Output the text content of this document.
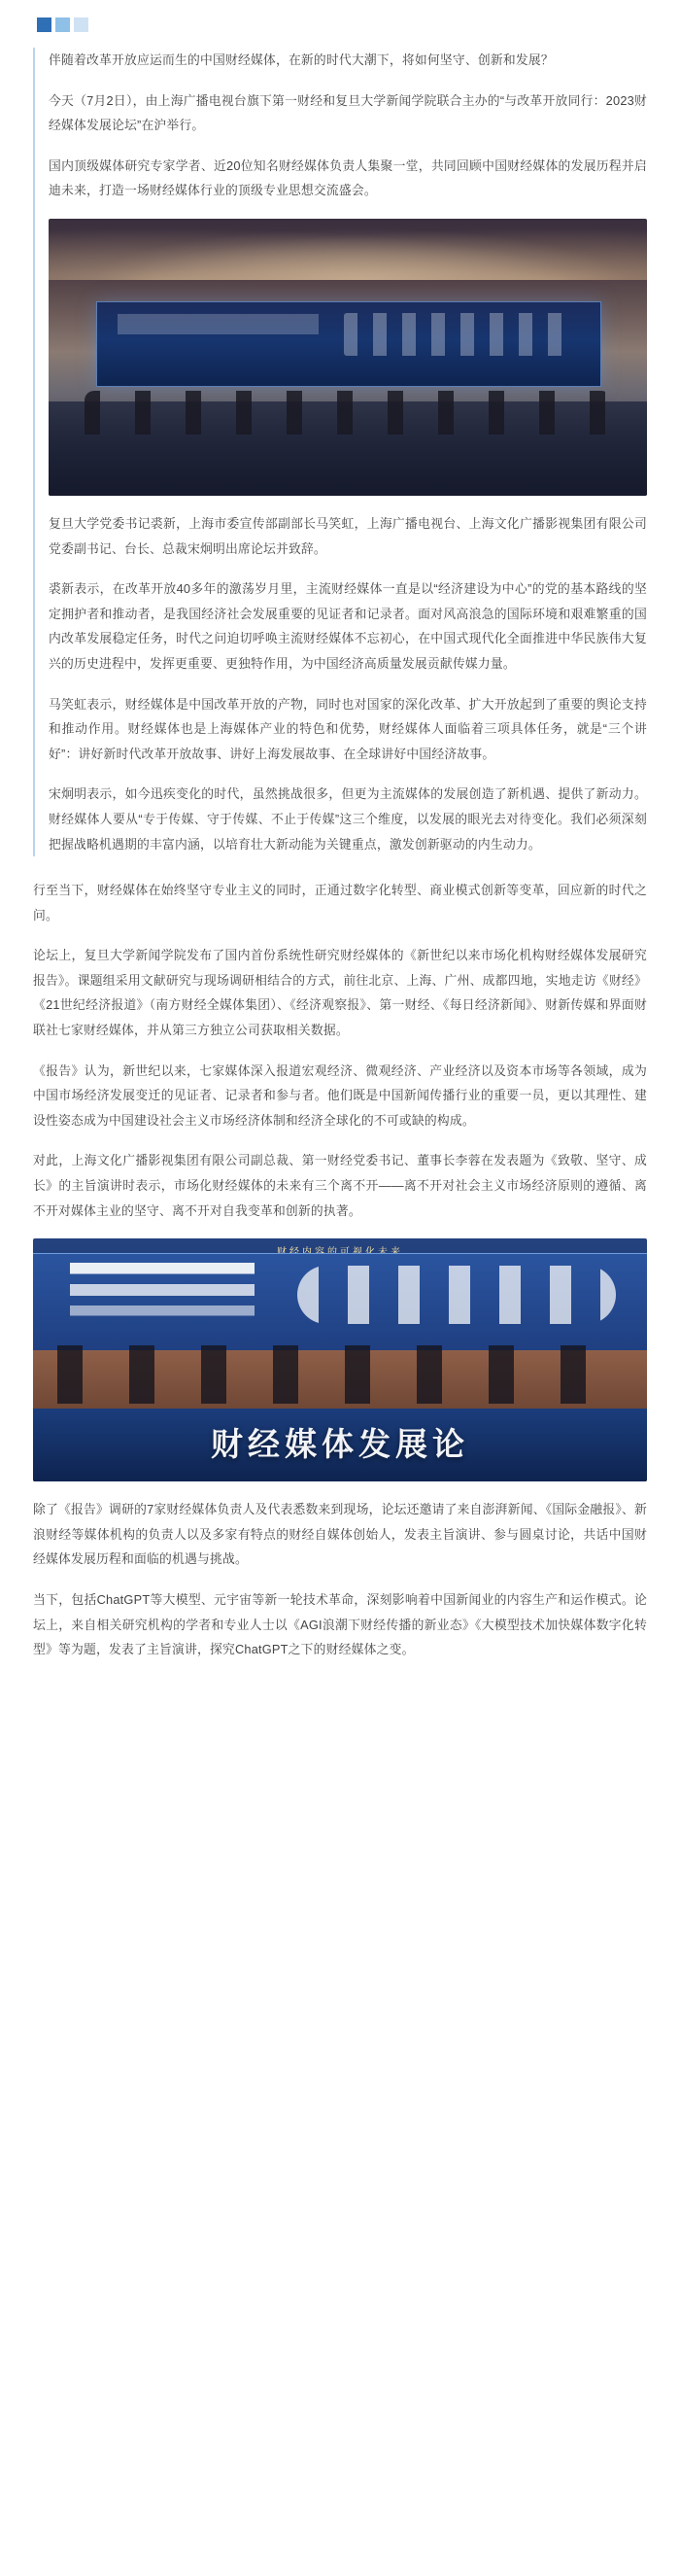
伴随着改革开放应运而生的中国财经媒体，在新的时代大潮下，将如何坚守、创新和发展？

今天（7月2日），由上海广播电视台旗下第一财经和复旦大学新闻学院联合主办的“与改革开放同行：2023财经媒体发展论坛”在沪举行。

国内顶级媒体研究专家学者、近20位知名财经媒体负责人集聚一堂，共同回顾中国财经媒体的发展历程并启迪未来，打造一场财经媒体行业的顶级专业思想交流盛会。

复旦大学党委书记裘新，上海市委宣传部副部长马笑虹，上海广播电视台、上海文化广播影视集团有限公司党委副书记、台长、总裁宋炯明出席论坛并致辞。

裘新表示，在改革开放40多年的激荡岁月里，主流财经媒体一直是以“经济建设为中心”的党的基本路线的坚定拥护者和推动者，是我国经济社会发展重要的见证者和记录者。面对风高浪急的国际环境和艰难繁重的国内改革发展稳定任务，时代之问迫切呼唤主流财经媒体不忘初心，在中国式现代化全面推进中华民族伟大复兴的历史进程中，发挥更重要、更独特作用，为中国经济高质量发展贡献传媒力量。

马笑虹表示，财经媒体是中国改革开放的产物，同时也对国家的深化改革、扩大开放起到了重要的舆论支持和推动作用。财经媒体也是上海媒体产业的特色和优势，财经媒体人面临着三项具体任务，就是“三个讲好”：讲好新时代改革开放故事、讲好上海发展故事、在全球讲好中国经济故事。

宋炯明表示，如今迅疾变化的时代，虽然挑战很多，但更为主流媒体的发展创造了新机遇、提供了新动力。财经媒体人要从“专于传媒、守于传媒、不止于传媒”这三个维度，以发展的眼光去对待变化。我们必须深刻把握战略机遇期的丰富内涵，以培育壮大新动能为关键重点，激发创新驱动的内生动力。

行至当下，财经媒体在始终坚守专业主义的同时，正通过数字化转型、商业模式创新等变革，回应新的时代之问。

论坛上，复旦大学新闻学院发布了国内首份系统性研究财经媒体的《新世纪以来市场化机构财经媒体发展研究报告》。课题组采用文献研究与现场调研相结合的方式，前往北京、上海、广州、成都四地，实地走访《财经》《21世纪经济报道》（南方财经全媒体集团）、《经济观察报》、第一财经、《每日经济新闻》、财新传媒和界面财联社七家财经媒体，并从第三方独立公司获取相关数据。

《报告》认为，新世纪以来，七家媒体深入报道宏观经济、微观经济、产业经济以及资本市场等各领域，成为中国市场经济发展变迁的见证者、记录者和参与者。他们既是中国新闻传播行业的重要一员，更以其理性、建设性姿态成为中国建设社会主义市场经济体制和经济全球化的不可或缺的构成。

对此，上海文化广播影视集团有限公司副总裁、第一财经党委书记、董事长李蓉在发表题为《致敬、坚守、成长》的主旨演讲时表示，市场化财经媒体的未来有三个离不开——离不开对社会主义市场经济原则的遵循、离不开对媒体主业的坚守、离不开对自我变革和创新的执著。

财经媒体发展论

除了《报告》调研的7家财经媒体负责人及代表悉数来到现场，论坛还邀请了来自澎湃新闻、《国际金融报》、新浪财经等媒体机构的负责人以及多家有特点的财经自媒体创始人，发表主旨演讲、参与圆桌讨论，共话中国财经媒体发展历程和面临的机遇与挑战。

当下，包括ChatGPT等大模型、元宇宙等新一轮技术革命，深刻影响着中国新闻业的内容生产和运作模式。论坛上，来自相关研究机构的学者和专业人士以《AGI浪潮下财经传播的新业态》《大模型技术加快媒体数字化转型》等为题，发表了主旨演讲，探究ChatGPT之下的财经媒体之变。
